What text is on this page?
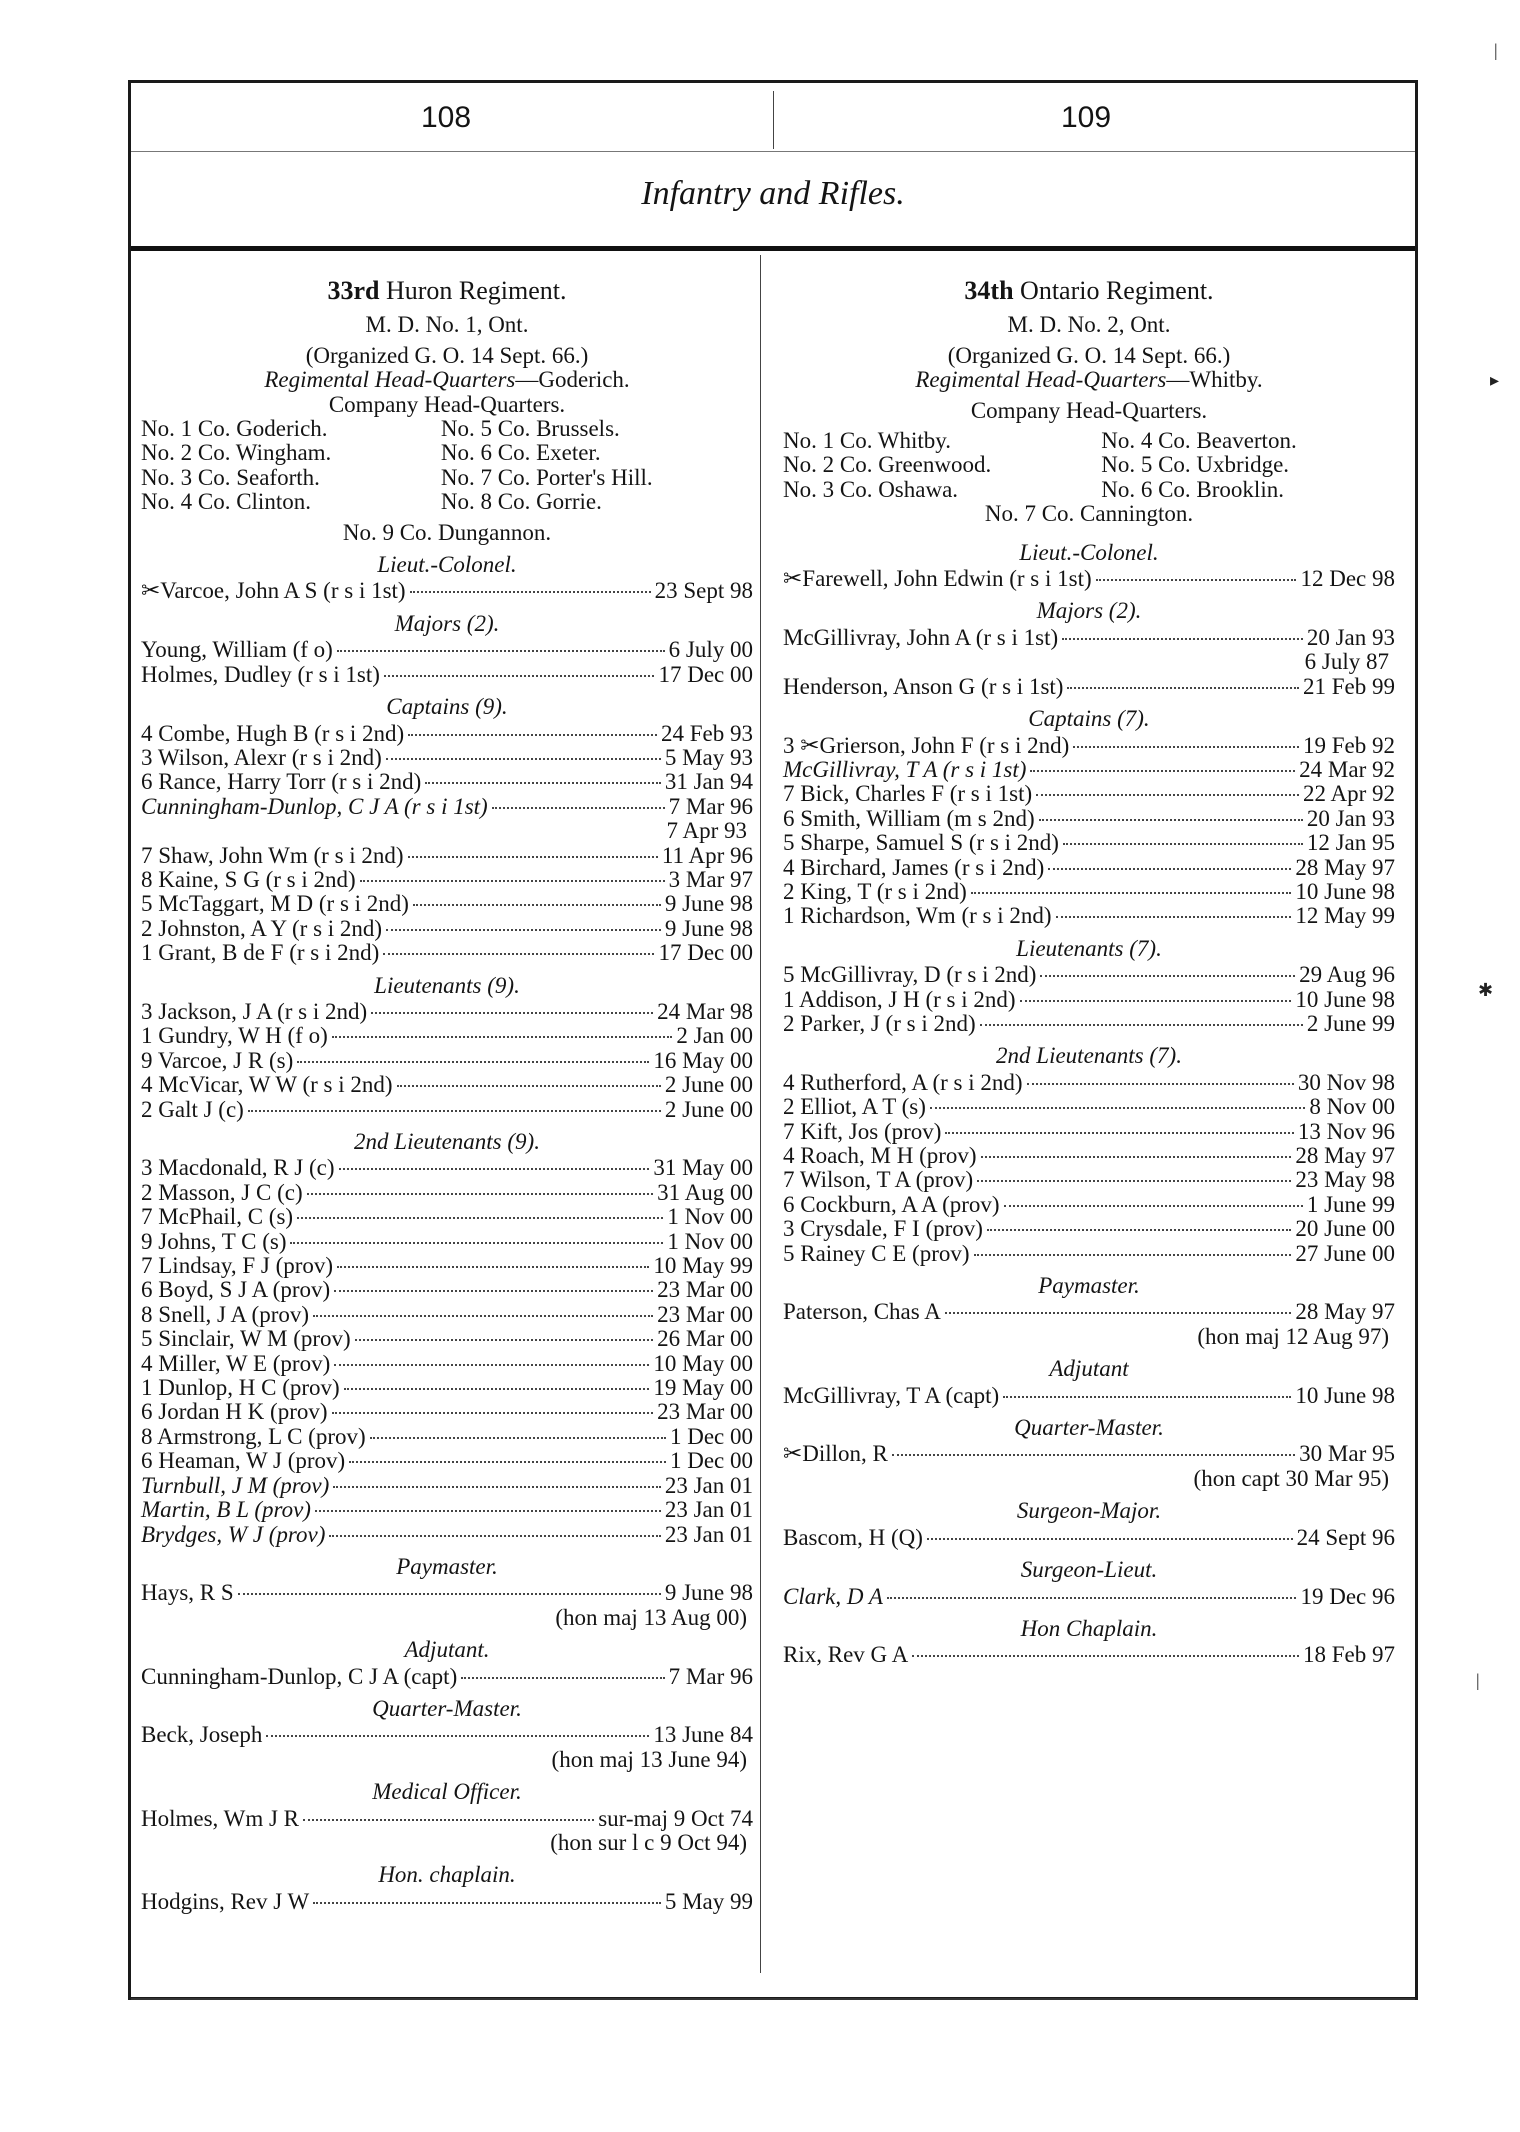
108	109
Infantry and Rifles.
33rd Huron Regiment.
M. D. No. 1, Ont.
(Organized G. O. 14 Sept. 66.)
Regimental Head-Quarters—Goderich.
Company Head-Quarters.
No. 1 Co. Goderich.	No. 5 Co. Brussels.
No. 2 Co. Wingham.	No. 6 Co. Exeter.
No. 3 Co. Seaforth.	No. 7 Co. Porter's Hill.
No. 4 Co. Clinton.	No. 8 Co. Gorrie.
No. 9 Co. Dungannon.
Lieut.-Colonel.
✂Varcoe, John A S (r s i 1st)	23 Sept 98
Majors (2).
Young, William (f o)	6 July 00
Holmes, Dudley (r s i 1st)	17 Dec 00
Captains (9).
4 Combe, Hugh B (r s i 2nd)	24 Feb 93
3 Wilson, Alexr (r s i 2nd)	5 May 93
6 Rance, Harry Torr (r s i 2nd)	31 Jan 94
Cunningham-Dunlop, C J A (r s i 1st)	7 Mar 96
7 Apr 93
7 Shaw, John Wm (r s i 2nd)	11 Apr 96
8 Kaine, S G (r s i 2nd)	3 Mar 97
5 McTaggart, M D (r s i 2nd)	9 June 98
2 Johnston, A Y (r s i 2nd)	9 June 98
1 Grant, B de F (r s i 2nd)	17 Dec 00
Lieutenants (9).
3 Jackson, J A (r s i 2nd)	24 Mar 98
1 Gundry, W H (f o)	2 Jan 00
9 Varcoe, J R (s)	16 May 00
4 McVicar, W W (r s i 2nd)	2 June 00
2 Galt J (c)	2 June 00
2nd Lieutenants (9).
3 Macdonald, R J (c)	31 May 00
2 Masson, J C (c)	31 Aug 00
7 McPhail, C (s)	1 Nov 00
9 Johns, T C (s)	1 Nov 00
7 Lindsay, F J (prov)	10 May 99
6 Boyd, S J A (prov)	23 Mar 00
8 Snell, J A (prov)	23 Mar 00
5 Sinclair, W M (prov)	26 Mar 00
4 Miller, W E (prov)	10 May 00
1 Dunlop, H C (prov)	19 May 00
6 Jordan H K (prov)	23 Mar 00
8 Armstrong, L C (prov)	1 Dec 00
6 Heaman, W J (prov)	1 Dec 00
Turnbull, J M (prov)	23 Jan 01
Martin, B L (prov)	23 Jan 01
Brydges, W J (prov)	23 Jan 01
Paymaster.
Hays, R S	9 June 98
(hon maj 13 Aug 00)
Adjutant.
Cunningham-Dunlop, C J A (capt)	7 Mar 96
Quarter-Master.
Beck, Joseph	13 June 84
(hon maj 13 June 94)
Medical Officer.
Holmes, Wm J R	sur-maj 9 Oct 74
(hon sur l c 9 Oct 94)
Hon. chaplain.
Hodgins, Rev J W	5 May 99
34th Ontario Regiment.
M. D. No. 2, Ont.
(Organized G. O. 14 Sept. 66.)
Regimental Head-Quarters—Whitby.
Company Head-Quarters.
No. 1 Co. Whitby.	No. 4 Co. Beaverton.
No. 2 Co. Greenwood.	No. 5 Co. Uxbridge.
No. 3 Co. Oshawa.	No. 6 Co. Brooklin.
No. 7 Co. Cannington.
Lieut.-Colonel.
✂Farewell, John Edwin (r s i 1st)	12 Dec 98
Majors (2).
McGillivray, John A (r s i 1st)	20 Jan 93
6 July 87
Henderson, Anson G (r s i 1st)	21 Feb 99
Captains (7).
3 ✂Grierson, John F (r s i 2nd)	19 Feb 92
McGillivray, T A (r s i 1st)	24 Mar 92
7 Bick, Charles F (r s i 1st)	22 Apr 92
6 Smith, William (m s 2nd)	20 Jan 93
5 Sharpe, Samuel S (r s i 2nd)	12 Jan 95
4 Birchard, James (r s i 2nd)	28 May 97
2 King, T (r s i 2nd)	10 June 98
1 Richardson, Wm (r s i 2nd)	12 May 99
Lieutenants (7).
5 McGillivray, D (r s i 2nd)	29 Aug 96
1 Addison, J H (r s i 2nd)	10 June 98
2 Parker, J (r s i 2nd)	2 June 99
2nd Lieutenants (7).
4 Rutherford, A (r s i 2nd)	30 Nov 98
2 Elliot, A T (s)	8 Nov 00
7 Kift, Jos (prov)	13 Nov 96
4 Roach, M H (prov)	28 May 97
7 Wilson, T A (prov)	23 May 98
6 Cockburn, A A (prov)	1 June 99
3 Crysdale, F I (prov)	20 June 00
5 Rainey C E (prov)	27 June 00
Paymaster.
Paterson, Chas A	28 May 97
(hon maj 12 Aug 97)
Adjutant
McGillivray, T A (capt)	10 June 98
Quarter-Master.
✂Dillon, R	30 Mar 95
(hon capt 30 Mar 95)
Surgeon-Major.
Bascom, H (Q)	24 Sept 96
Surgeon-Lieut.
Clark, D A	19 Dec 96
Hon Chaplain.
Rix, Rev G A	18 Feb 97
|
▸
✱
|
